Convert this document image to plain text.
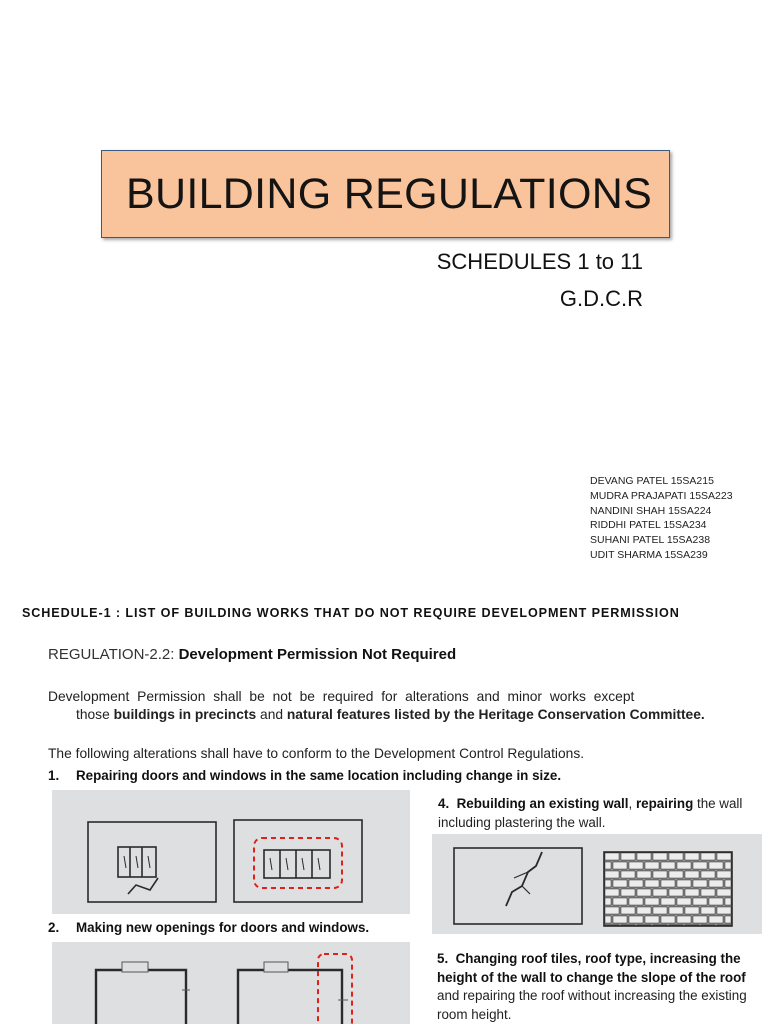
BUILDING REGULATIONS
SCHEDULES 1 to 11
G.D.C.R
DEVANG PATEL 15SA215
MUDRA PRAJAPATI 15SA223
NANDINI SHAH 15SA224
RIDDHI PATEL 15SA234
SUHANI PATEL 15SA238
UDIT SHARMA 15SA239
SCHEDULE-1 : LIST OF BUILDING WORKS THAT DO NOT REQUIRE DEVELOPMENT PERMISSION
REGULATION-2.2: Development Permission Not Required
Development Permission shall be not be required for alterations and minor works except
those buildings in precincts and natural features listed by the Heritage Conservation Committee.
The following alterations shall have to conform to the Development Control Regulations.
1. Repairing doors and windows in the same location including change in size.
2. Making new openings for doors and windows.
4. Rebuilding an existing wall, repairing the wall including plastering the wall.
5. Changing roof tiles, roof type, increasing the height of the wall to change the slope of the roof and repairing the roof without increasing the existing room height.
